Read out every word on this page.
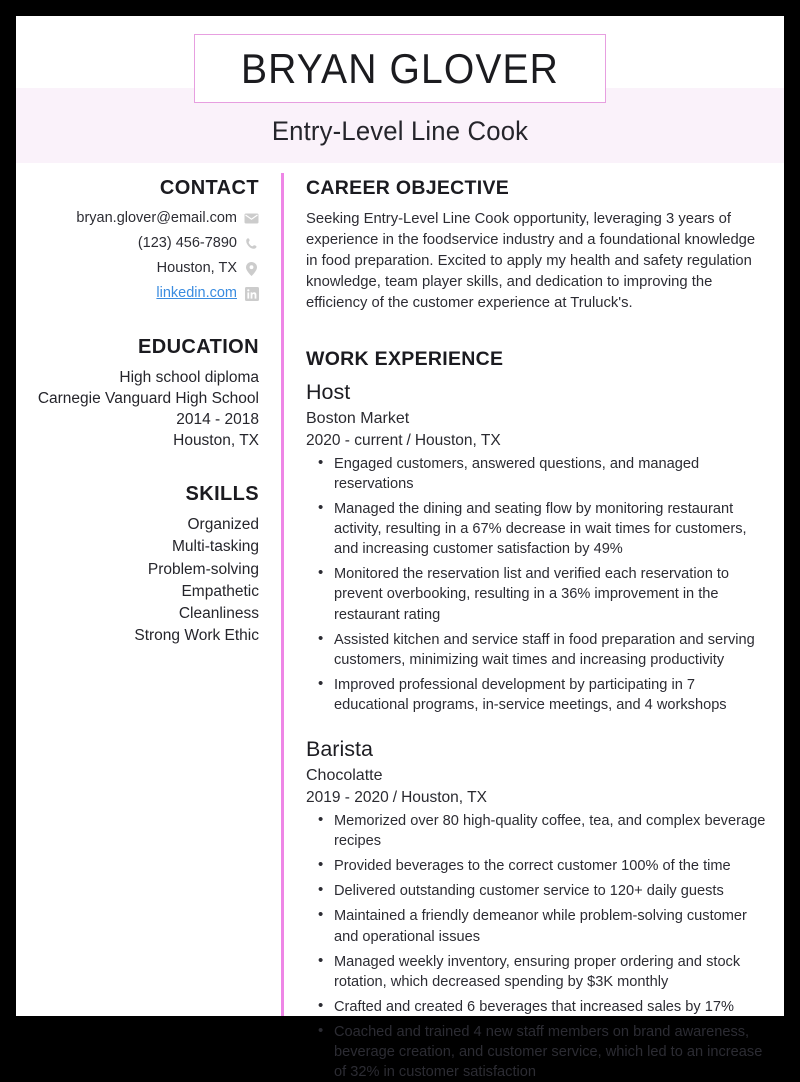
BRYAN GLOVER
Entry-Level Line Cook
CONTACT
bryan.glover@email.com
(123) 456-7890
Houston, TX
linkedin.com
EDUCATION
High school diploma
Carnegie Vanguard High School
2014 - 2018
Houston, TX
SKILLS
Organized
Multi-tasking
Problem-solving
Empathetic
Cleanliness
Strong Work Ethic
CAREER OBJECTIVE

Seeking Entry-Level Line Cook opportunity, leveraging 3 years of experience in the foodservice industry and a foundational knowledge in food preparation. Excited to apply my health and safety regulation knowledge, team player skills, and dedication to improving the efficiency of the customer experience at Truluck's.

WORK EXPERIENCE
Host
Boston Market
2020 - current / Houston, TX
• Engaged customers, answered questions, and managed reservations
• Managed the dining and seating flow by monitoring restaurant activity, resulting in a 67% decrease in wait times for customers, and increasing customer satisfaction by 49%
• Monitored the reservation list and verified each reservation to prevent overbooking, resulting in a 36% improvement in the restaurant rating
• Assisted kitchen and service staff in food preparation and serving customers, minimizing wait times and increasing productivity
• Improved professional development by participating in 7 educational programs, in-service meetings, and 4 workshops
Barista
Chocolatte
2019 - 2020 / Houston, TX
• Memorized over 80 high-quality coffee, tea, and complex beverage recipes
• Provided beverages to the correct customer 100% of the time
• Delivered outstanding customer service to 120+ daily guests
• Maintained a friendly demeanor while problem-solving customer and operational issues
• Managed weekly inventory, ensuring proper ordering and stock rotation, which decreased spending by $3K monthly
• Crafted and created 6 beverages that increased sales by 17%
• Coached and trained 4 new staff members on brand awareness, beverage creation, and customer service, which led to an increase of 32% in customer satisfaction
